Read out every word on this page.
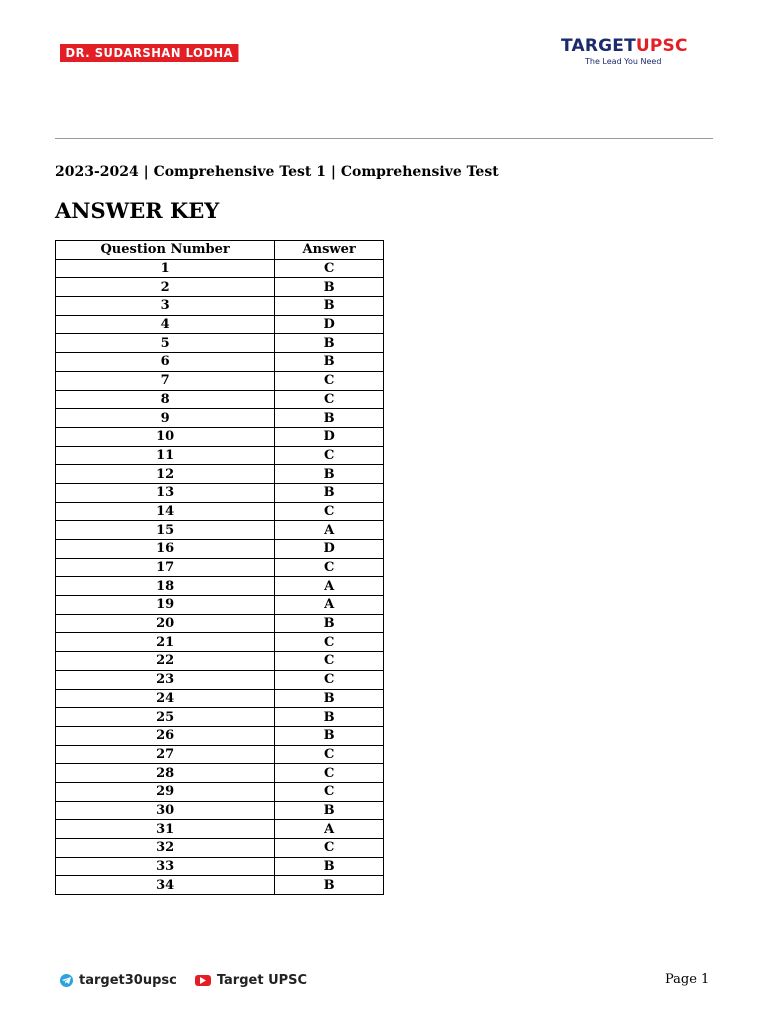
DR. SUDARSHAN LODHA	TARGETUPSC
The Lead You Need
2023-2024 | Comprehensive Test 1 | Comprehensive Test
ANSWER KEY
Question Number	Answer
1	C
2	B
3	B
4	D
5	B
6	B
7	C
8	C
9	B
10	D
11	C
12	B
13	B
14	C
15	A
16	D
17	C
18	A
19	A
20	B
21	C
22	C
23	C
24	B
25	B
26	B
27	C
28	C
29	C
30	B
31	A
32	C
33	B
34	B
target30upsc	Target UPSC	Page 1
